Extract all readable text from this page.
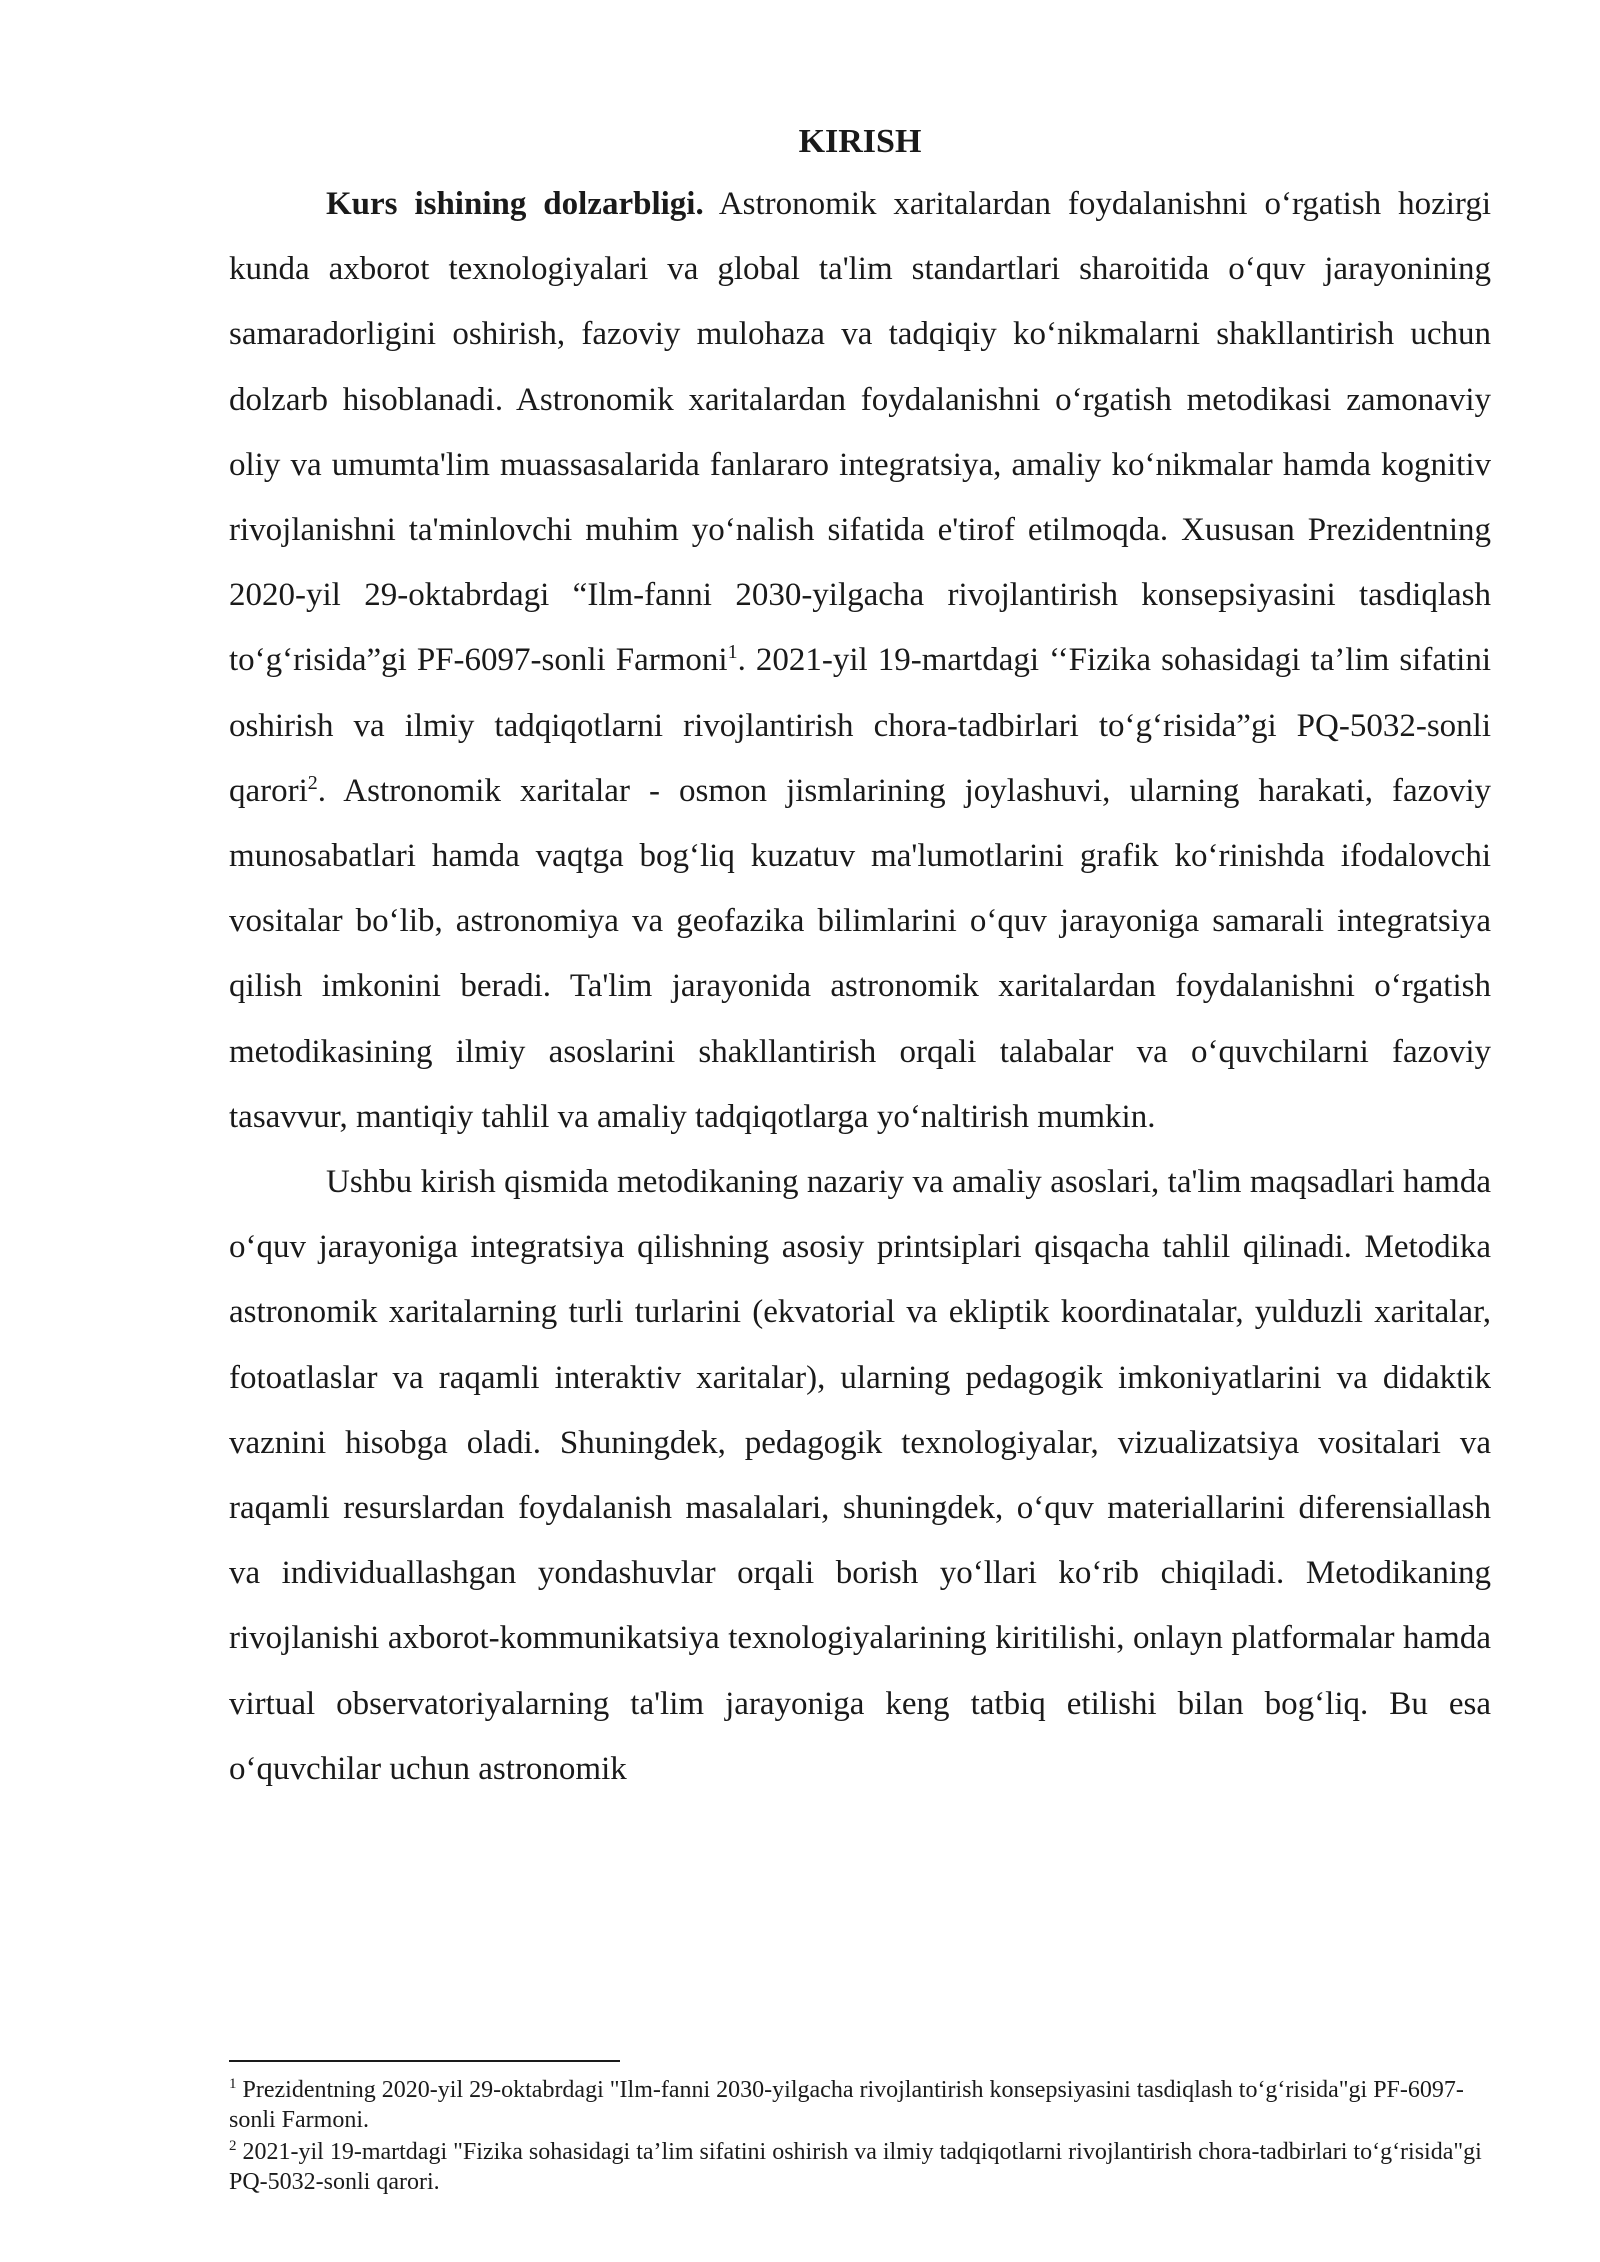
KIRISH

Kurs ishining dolzarbligi. Astronomik xaritalardan foydalanishni o‘rgatish hozirgi kunda axborot texnologiyalari va global ta'lim standartlari sharoitida o‘quv jarayonining samaradorligini oshirish, fazoviy mulohaza va tadqiqiy ko‘nikmalarni shakllantirish uchun dolzarb hisoblanadi. Astronomik xaritalardan foydalanishni o‘rgatish metodikasi zamonaviy oliy va umumta'lim muassasalarida fanlararo integratsiya, amaliy ko‘nikmalar hamda kognitiv rivojlanishni ta'minlovchi muhim yo‘nalish sifatida e'tirof etilmoqda. Xususan Prezidentning 2020-yil 29-oktabrdagi “Ilm-fanni 2030-yilgacha rivojlantirish konsepsiyasini tasdiqlash to‘g‘risida”gi PF-6097-sonli Farmoni$^1$. 2021-yil 19-martdagi ‘‘Fizika sohasidagi ta’lim sifatini oshirish va ilmiy tadqiqotlarni rivojlantirish chora-tadbirlari to‘g‘risida”gi PQ-5032-sonli qarori$^2$. Astronomik xaritalar - osmon jismlarining joylashuvi, ularning harakati, fazoviy munosabatlari hamda vaqtga bog‘liq kuzatuv ma'lumotlarini grafik ko‘rinishda ifodalovchi vositalar bo‘lib, astronomiya va geofazika bilimlarini o‘quv jarayoniga samarali integratsiya qilish imkonini beradi. Ta'lim jarayonida astronomik xaritalardan foydalanishni o‘rgatish metodikasining ilmiy asoslarini shakllantirish orqali talabalar va o‘quvchilarni fazoviy tasavvur, mantiqiy tahlil va amaliy tadqiqotlarga yo‘naltirish mumkin.

Ushbu kirish qismida metodikaning nazariy va amaliy asoslari, ta'lim maqsadlari hamda o‘quv jarayoniga integratsiya qilishning asosiy printsiplari qisqacha tahlil qilinadi. Metodika astronomik xaritalarning turli turlarini (ekvatorial va ekliptik koordinatalar, yulduzli xaritalar, fotoatlaslar va raqamli interaktiv xaritalar), ularning pedagogik imkoniyatlarini va didaktik vaznini hisobga oladi. Shuningdek, pedagogik texnologiyalar, vizualizatsiya vositalari va raqamli resurslardan foydalanish masalalari, shuningdek, o‘quv materiallarini diferensiallash va individuallashgan yondashuvlar orqali borish yo‘llari ko‘rib chiqiladi. Metodikaning rivojlanishi axborot-kommunikatsiya texnologiyalarining kiritilishi, onlayn platformalar hamda virtual observatoriyalarning ta'lim jarayoniga keng tatbiq etilishi bilan bog‘liq. Bu esa o‘quvchilar uchun astronomik

$^1$ Prezidentning 2020-yil 29-oktabrdagi "Ilm-fanni 2030-yilgacha rivojlantirish konsepsiyasini tasdiqlash to‘g‘risida"gi PF-6097-sonli Farmoni.

$^2$ 2021-yil 19-martdagi "Fizika sohasidagi ta’lim sifatini oshirish va ilmiy tadqiqotlarni rivojlantirish chora-tadbirlari to‘g‘risida"gi PQ-5032-sonli qarori.
